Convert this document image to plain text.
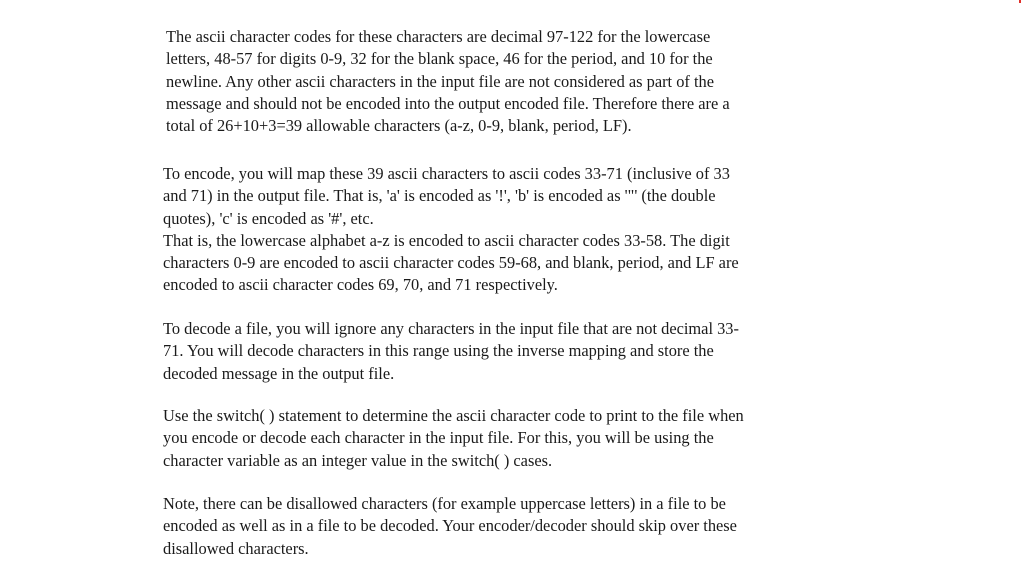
The ascii character codes for these characters are decimal 97-122 for the lowercase
letters, 48-57 for digits 0-9, 32 for the blank space, 46 for the period, and 10 for the
newline. Any other ascii characters in the input file are not considered as part of the
message and should not be encoded into the output encoded file. Therefore there are a
total of 26+10+3=39 allowable characters (a-z, 0-9, blank, period, LF).

To encode, you will map these 39 ascii characters to ascii codes 33-71 (inclusive of 33
and 71) in the output file. That is, 'a' is encoded as '!', 'b' is encoded as '"' (the double
quotes), 'c' is encoded as '#', etc.
That is, the lowercase alphabet a-z is encoded to ascii character codes 33-58. The digit
characters 0-9 are encoded to ascii character codes 59-68, and blank, period, and LF are
encoded to ascii character codes 69, 70, and 71 respectively.

To decode a file, you will ignore any characters in the input file that are not decimal 33-
71. You will decode characters in this range using the inverse mapping and store the
decoded message in the output file.

Use the switch( ) statement to determine the ascii character code to print to the file when
you encode or decode each character in the input file. For this, you will be using the
character variable as an integer value in the switch( ) cases.

Note, there can be disallowed characters (for example uppercase letters) in a file to be
encoded as well as in a file to be decoded. Your encoder/decoder should skip over these
disallowed characters.
